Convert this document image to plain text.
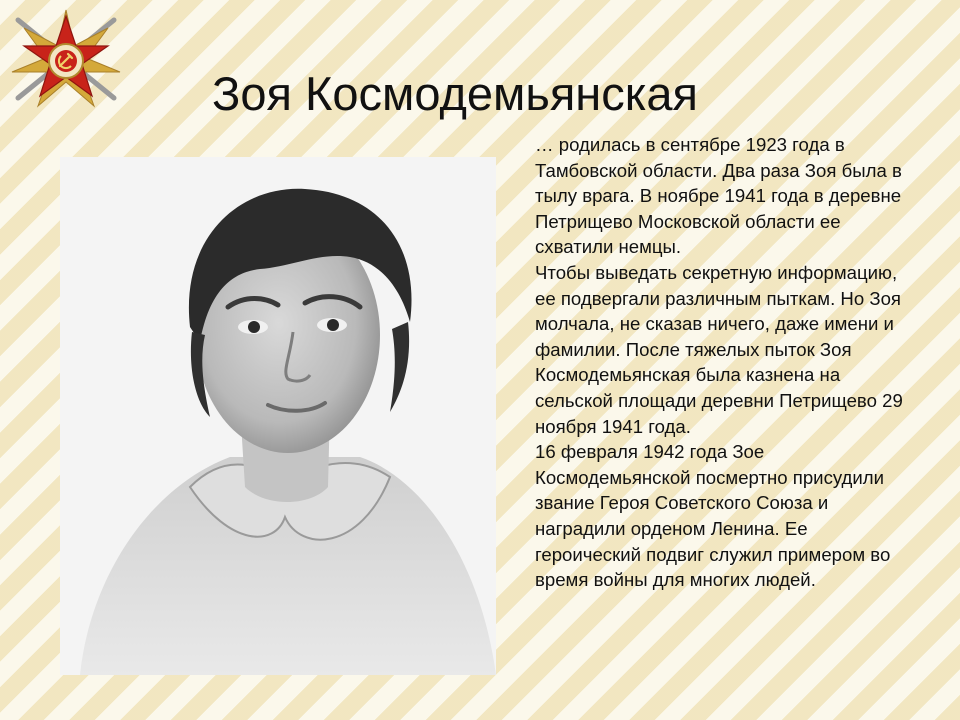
Зоя Космодемьянская

… родилась в сентябре 1923 года в Тамбовской области. Два раза Зоя была в тылу врага. В ноябре 1941 года в деревне Петрищево Московской области ее схватили немцы.

Чтобы выведать секретную информацию, ее подвергали различным пыткам. Но Зоя молчала, не сказав ничего, даже имени и фамилии. После тяжелых пыток Зоя Космодемьянская была казнена на сельской площади деревни Петрищево 29 ноября 1941 года.

16 февраля 1942 года Зое Космодемьянской посмертно присудили звание Героя Советского Союза и наградили орденом Ленина. Ее героический подвиг служил примером во время войны для многих людей.
